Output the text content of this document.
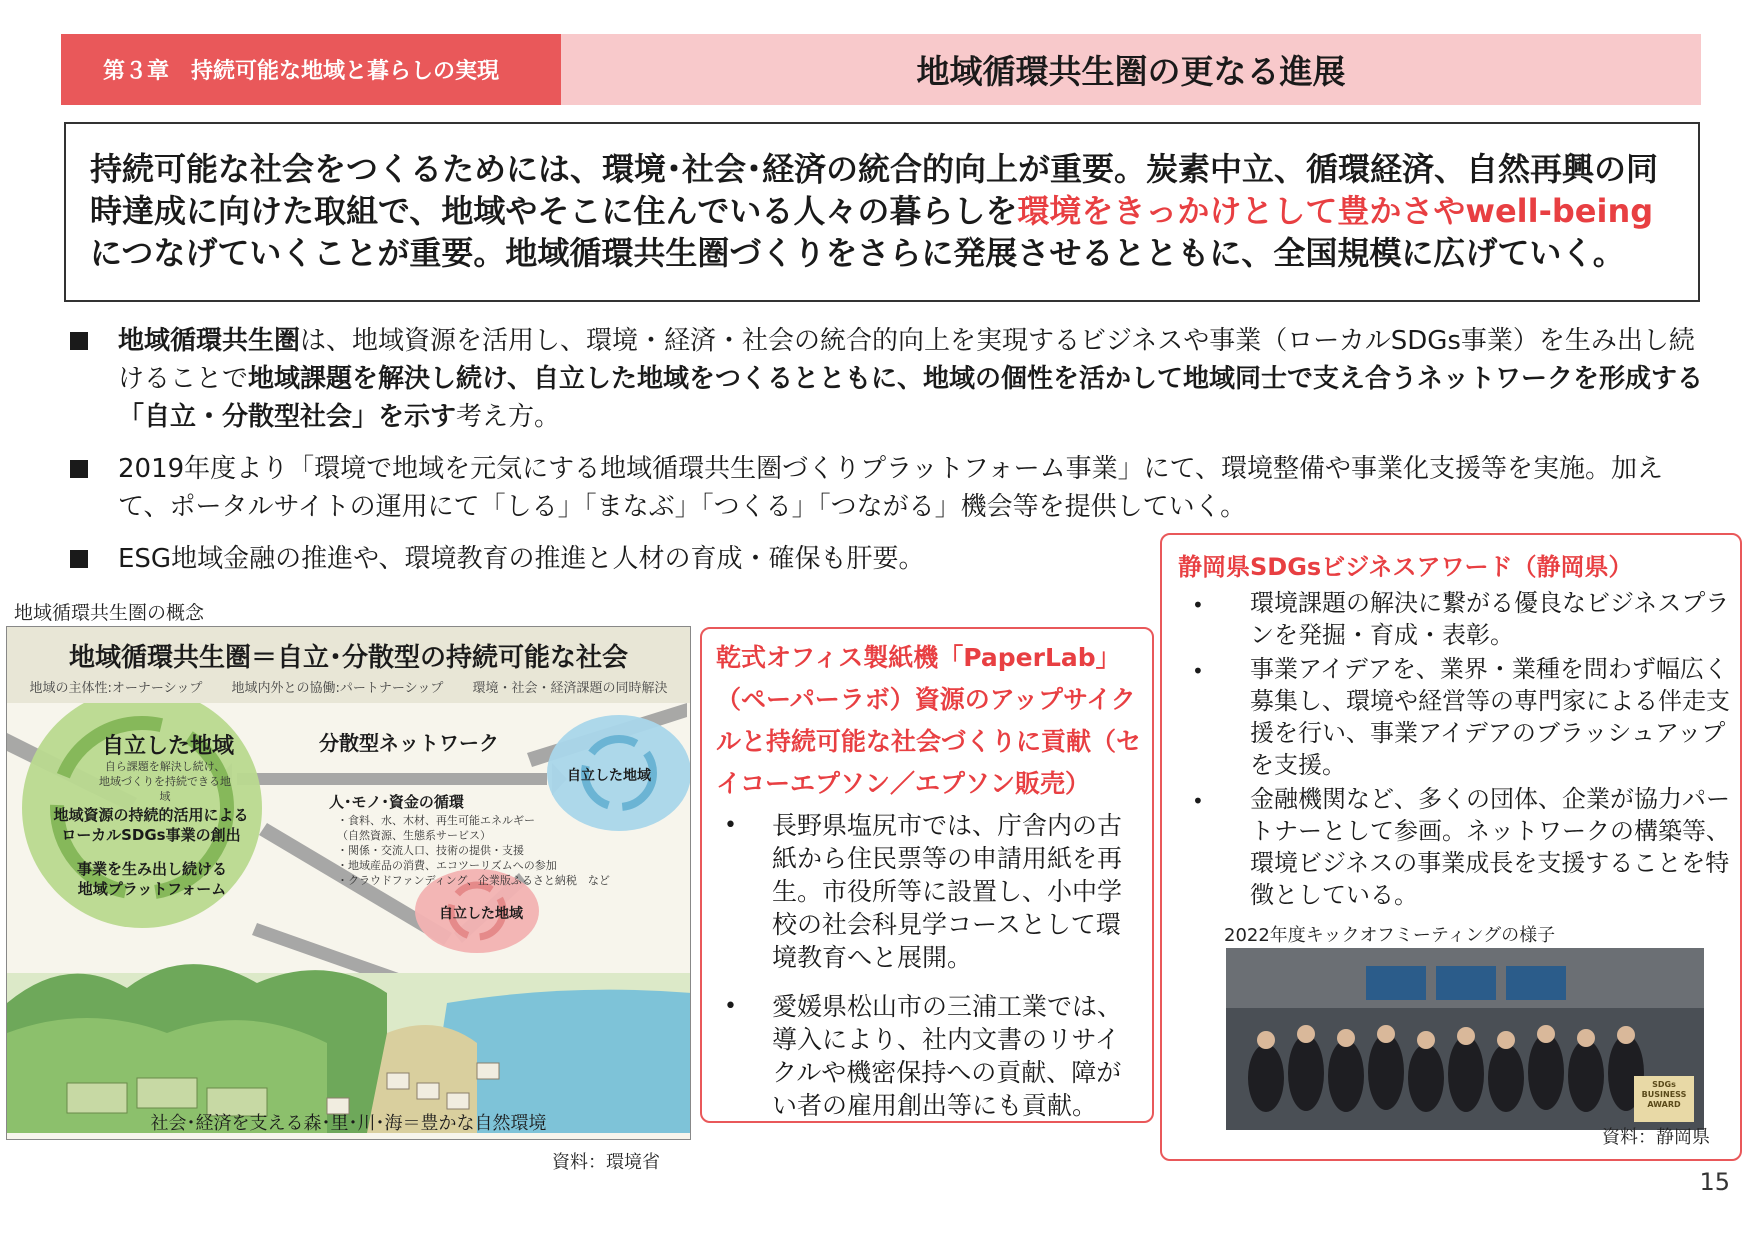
第３章　持続可能な地域と暮らしの実現	地域循環共生圏の更なる進展
持続可能な社会をつくるためには、環境･社会･経済の統合的向上が重要。炭素中立、循環経済、自然再興の同時達成に向けた取組で、地域やそこに住んでいる人々の暮らしを環境をきっかけとして豊かさやwell-beingにつなげていくことが重要。地域循環共生圏づくりをさらに発展させるとともに、全国規模に広げていく。
地域循環共生圏は、地域資源を活用し、環境・経済・社会の統合的向上を実現するビジネスや事業（ローカルSDGs事業）を生み出し続けることで地域課題を解決し続け、自立した地域をつくるとともに、地域の個性を活かして地域同士で支え合うネットワークを形成する「自立・分散型社会」を示す考え方。
2019年度より「環境で地域を元気にする地域循環共生圏づくりプラットフォーム事業」にて、環境整備や事業化支援等を実施。加えて、ポータルサイトの運用にて「しる」「まなぶ」「つくる」「つながる」機会等を提供していく。
ESG地域金融の推進や、環境教育の推進と人材の育成・確保も肝要。
地域循環共生圏の概念
地域循環共生圏＝自立･分散型の持続可能な社会
地域の主体性:オーナーシップ 地域内外との協働:パートナーシップ 環境・社会・経済課題の同時解決
自立した地域
自ら課題を解決し続け、
地域づくりを持続できる地域
地域資源の持続的活用による
ローカルSDGs事業の創出
事業を生み出し続ける
地域プラットフォーム
分散型ネットワーク
自立した地域
自立した地域
人･モノ･資金の循環
・食料、水、木材、再生可能エネルギー
（自然資源、生態系サービス）
・関係・交流人口、技術の提供・支援
・地域産品の消費、エコツーリズムへの参加
・クラウドファンディング、企業版ふるさと納税　など
社会･経済を支える森･里･川･海＝豊かな自然環境
資料：環境省
乾式オフィス製紙機「PaperLab」（ペーパーラボ）資源のアップサイクルと持続可能な社会づくりに貢献（セイコーエプソン／エプソン販売）
•	長野県塩尻市では、庁舎内の古紙から住民票等の申請用紙を再生。市役所等に設置し、小中学校の社会科見学コースとして環境教育へと展開。
•	愛媛県松山市の三浦工業では、導入により、社内文書のリサイクルや機密保持への貢献、障がい者の雇用創出等にも貢献。
静岡県SDGsビジネスアワード（静岡県）
•	環境課題の解決に繋がる優良なビジネスプランを発掘・育成・表彰。
•	事業アイデアを、業界・業種を問わず幅広く募集し、環境や経営等の専門家による伴走支援を行い、事業アイデアのブラッシュアップを支援。
•	金融機関など、多くの団体、企業が協力パートナーとして参画。ネットワークの構築等、環境ビジネスの事業成長を支援することを特徴としている。
2022年度キックオフミーティングの様子
SDGs BUSINESS AWARD
資料：静岡県
15
